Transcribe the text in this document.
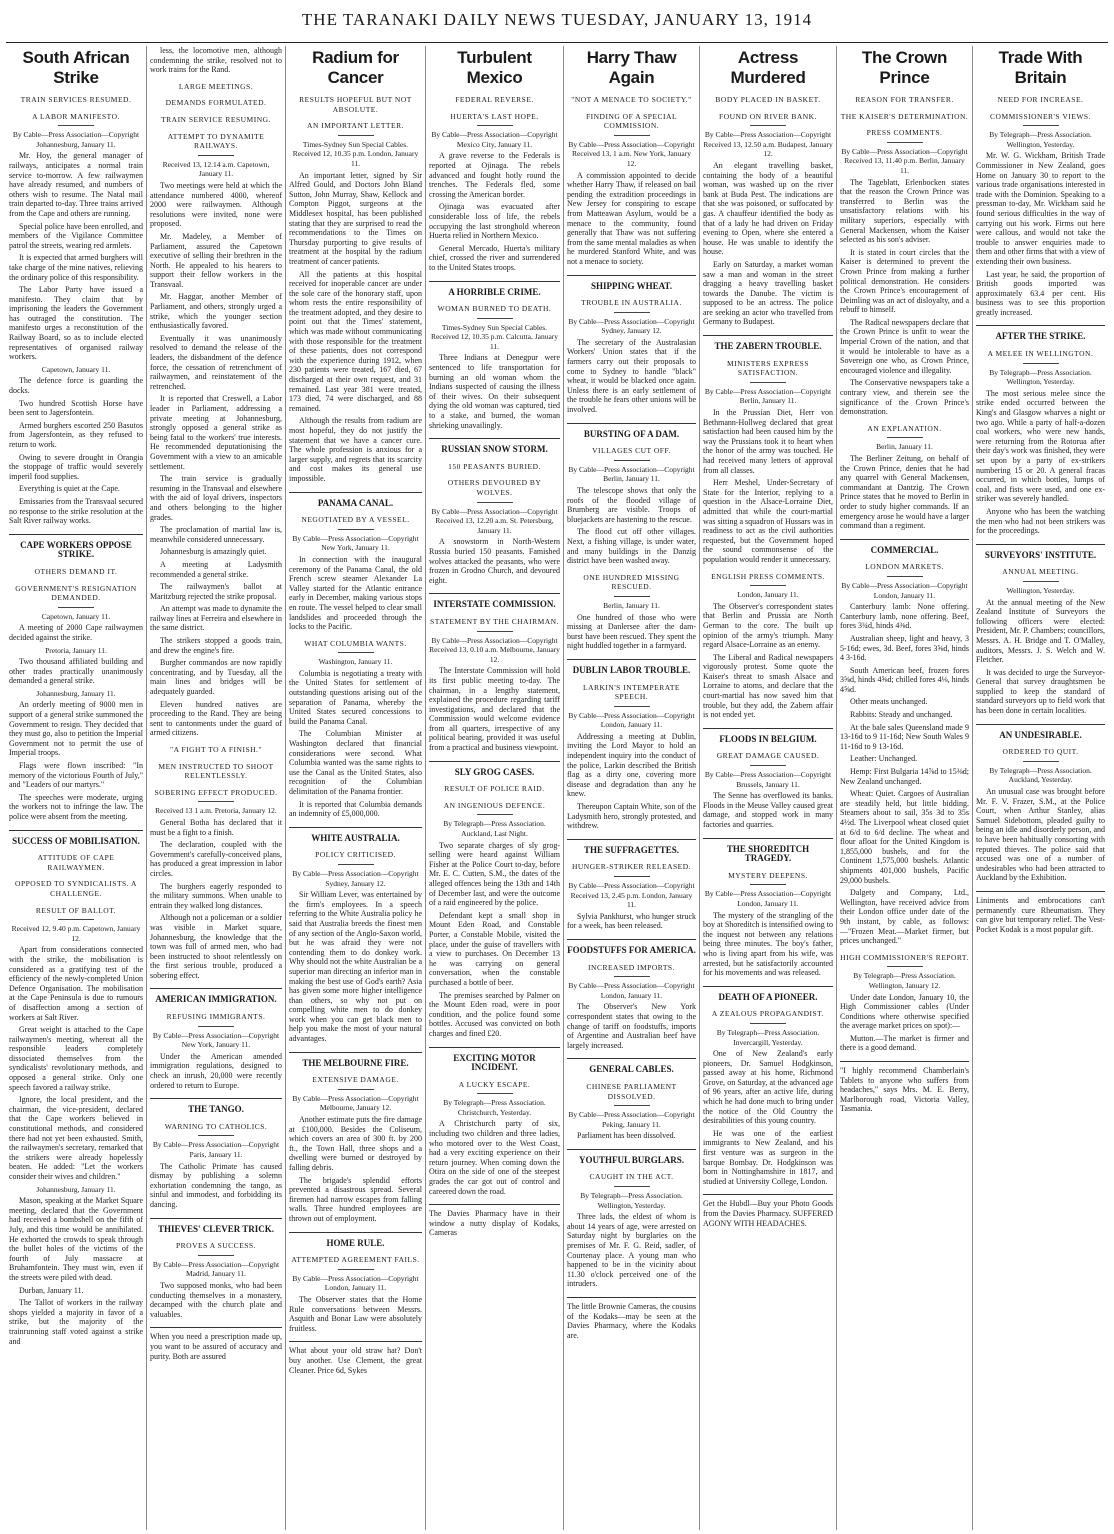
THE TARANAKI DAILY NEWS TUESDAY, JANUARY 13, 1914
South African Strike
TRAIN SERVICES RESUMED.
A LABOR MANIFESTO.
By Cable—Press Association—Copyright Johannesburg, January 11.
Mr. Hoy, the general manager of railways, anticipates a normal train service to-morrow. A few railwaymen have already resumed, and numbers of others wish to resume. The Natal mail train departed to-day. Three trains arrived from the Cape and others are running.
Special police have been enrolled, and members of the Vigilance Committee patrol the streets, wearing red armlets.
It is expected that armed burghers will take charge of the mine natives, relieving the ordinary police of this responsibility.
The Labor Party have issued a manifesto. They claim that by imprisoning the leaders the Government has outraged the constitution. The manifesto urges a reconstitution of the Railway Board, so as to include elected representatives of organised railway workers.
Capetown, January 11.
The defence force is guarding the docks.
Two hundred Scottish Horse have been sent to Jagersfontein.
Armed burghers escorted 250 Basutos from Jagersfontein, as they refused to return to work.
Owing to severe drought in Orangia the stoppage of traffic would severely imperil food supplies.
Everything is quiet at the Cape.
Emissaries from the Transvaal secured no response to the strike resolution at the Salt River railway works.
CAPE WORKERS OPPOSE STRIKE.
OTHERS DEMAND IT.
GOVERNMENT'S RESIGNATION DEMANDED.
Capetown, January 11.
A meeting of 2000 Cape railwaymen decided against the strike.
Pretoria, January 11.
Two thousand affiliated building and other trades practically unanimously demanded a general strike.
Johannesburg, January 11.
An orderly meeting of 9000 men in support of a general strike summoned the Government to resign. They decided that they must go, also to petition the Imperial Government not to permit the use of Imperial troops.
Flags were flown inscribed: "In memory of the victorious Fourth of July," and "Leaders of our martyrs."
The speeches were moderate, urging the workers not to infringe the law. The police were absent from the meeting.
SUCCESS OF MOBILISATION.
ATTITUDE OF CAPE RAILWAYMEN.
OPPOSED TO SYNDICALISTS. A CHALLENGE.
RESULT OF BALLOT.
Received 12, 9.40 p.m. Capetown, January 12.
Apart from considerations connected with the strike, the mobilisation is considered as a gratifying test of the efficiency of the newly-completed Union Defence Organisation. The mobilisation at the Cape Peninsula is due to rumours of disaffection among a section of workers at Salt River.
Great weight is attached to the Cape railwaymen's meeting, whereat all the responsible leaders completely dissociated themselves from the syndicalists' revolutionary methods, and opposed a general strike. Only one speech favored a railway strike.
Ignore, the local president, and the chairman, the vice-president, declared that the Cape workers believed in constitutional methods, and considered there had not yet been exhausted. Smith, the railwaymen's secretary, remarked that the strikers were already hopelessly beaten. He added: "Let the workers consider their wives and children."
Johannesburg, January 11.
Mason, speaking at the Market Square meeting, declared that the Government had received a bombshell on the fifth of July, and this time would be annihilated. He exhorted the crowds to speak through the bullet holes of the victims of the fourth of July massacre at Bruhamfontein. They must win, even if the streets were piled with dead.
Durban, January 11.
The Tallot of workers in the railway shops yielded a majority in favor of a strike, but the majority of the trainrunning staff voted against a strike and
less, the locomotive men, although condemning the strike, resolved not to work trains for the Rand.
LARGE MEETINGS.
DEMANDS FORMULATED.
TRAIN SERVICE RESUMING.
ATTEMPT TO DYNAMITE RAILWAYS.
Received 13, 12.14 a.m. Capetown, January 11.
Two meetings were held at which the attendance numbered 4000, whereof 2000 were railwaymen. Although resolutions were invited, none were proposed.
Mr. Madeley, a Member of Parliament, assured the Capetown executive of selling their brethren in the North. He appealed to his hearers to support their fellow workers in the Transvaal.
Mr. Haggar, another Member of Parliament, and others, strongly urged a strike, which the younger section enthusiastically favored.
Eventually it was unanimously resolved to demand the release of the leaders, the disbandment of the defence force, the cessation of retrenchment of railwaymen, and reinstatement of the retrenched.
It is reported that Creswell, a Labor leader in Parliament, addressing a private meeting at Johannesburg, strongly opposed a general strike as being fatal to the workers' true interests. He recommended deputationising the Government with a view to an amicable settlement.
The train service is gradually resuming in the Transvaal and elsewhere with the aid of loyal drivers, inspectors and others belonging to the higher grades.
The proclamation of martial law is, meanwhile considered unnecessary.
Johannesburg is amazingly quiet.
A meeting at Ladysmith recommended a general strike.
The railwaymen's ballot at Maritzburg rejected the strike proposal.
An attempt was made to dynamite the railway lines at Ferreira and elsewhere in the same district.
The strikers stopped a goods train, and drew the engine's fire.
Burgher commandos are now rapidly concentrating, and by Tuesday, all the main lines and bridges will be adequately guarded.
Eleven hundred natives are proceeding to the Rand. They are being sent to cantonments under the guard of armed citizens.
"A FIGHT TO A FINISH."
MEN INSTRUCTED TO SHOOT RELENTLESSLY.
SOBERING EFFECT PRODUCED.
Received 13 1 a.m. Pretoria, January 12.
General Botha has declared that it must be a fight to a finish.
The declaration, coupled with the Government's carefully-conceived plans, has produced a great impression in labor circles.
The burghers eagerly responded to the military summons. When unable to entrain they walked long distances.
Although not a policeman or a soldier was visible in Market square, Johannesburg, the knowledge that the town was full of armed men, who had been instructed to shoot relentlessly on the first serious trouble, produced a sobering effect.
AMERICAN IMMIGRATION.
REFUSING IMMIGRANTS.
By Cable—Press Association—Copyright New York, January 11.
Under the American amended immigration regulations, designed to check an inrush, 20,000 were recently ordered to return to Europe.
THE TANGO.
WARNING TO CATHOLICS.
By Cable—Press Association—Copyright Paris, January 11.
The Catholic Primate has caused dismay by publishing a solemn exhortation condemning the tango, as sinful and immodest, and forbidding its dancing.
THIEVES' CLEVER TRICK.
PROVES A SUCCESS.
By Cable—Press Association—Copyright Madrid, January 11.
Two supposed monks, who had been conducting themselves in a monastery, decamped with the church plate and valuables.
When you need a prescription made up, you want to be assured of accuracy and purity. Both are assured
Radium for Cancer
RESULTS HOPEFUL BUT NOT ABSOLUTE.
AN IMPORTANT LETTER.
Times-Sydney Sun Special Cables. Received 12, 10.35 p.m. London, January 11.
An important letter, signed by Sir Alfred Gould, and Doctors John Bland Sutton, John Murray, Shaw, Kellock and Compton Piggot, surgeons at the Middlesex hospital, has been published stating that they are surprised to read the recommendations to the Times on Thursday purporting to give results of treatment at the hospital by the radium treatment of cancer patients.
All the patients at this hospital received for inoperable cancer are under the sole care of the honorary staff, upon whom rests the entire responsibility of the treatment adopted, and they desire to point out that the Times' statement, which was made without communicating with those responsible for the treatment of these patients, does not correspond with the experience during 1912, when 230 patients were treated, 167 died, 67 discharged at their own request, and 31 remained. Last year 381 were treated, 173 died, 74 were discharged, and 88 remained.
Although the results from radium are most hopeful, they do not justify the statement that we have a cancer cure. The whole profession is anxious for a larger supply, and regrets that its scarcity and cost makes its general use impossible.
PANAMA CANAL.
NEGOTIATED BY A VESSEL.
By Cable—Press Association—Copyright New York, January 11.
In connection with the inaugural ceremony of the Panama Canal, the old French screw steamer Alexander La Valley started for the Atlantic entrance early in December, making various stops en route. The vessel helped to clear small landslides and proceeded through the locks to the Pacific.
WHAT COLUMBIA WANTS.
Washington, January 11.
Columbia is negotiating a treaty with the United States for settlement of outstanding questions arising out of the separation of Panama, whereby the United States secured concessions to build the Panama Canal.
The Columbian Minister at Washington declared that financial considerations were second. What Columbia wanted was the same rights to use the Canal as the United States, also recognition of the Columbian delimitation of the Panama frontier.
It is reported that Columbia demands an indemnity of £5,000,000.
WHITE AUSTRALIA.
POLICY CRITICISED.
By Cable—Press Association—Copyright Sydney, January 12.
Sir William Lever, was entertained by the firm's employees. In a speech referring to the White Australia policy he said that Australia breeds the finest men of any section of the Anglo-Saxon world, but he was afraid they were not contending them to do donkey work. Why should not the white Australian be a superior man directing an inferior man in making the best use of God's earth? Asia has given some more higher intelligence than others, so why not put on compelling white men to do donkey work when you can get black men to help you make the most of your natural advantages.
THE MELBOURNE FIRE.
EXTENSIVE DAMAGE.
By Cable—Press Association—Copyright Melbourne, January 12.
Another estimate puts the fire damage at £100,000. Besides the Coliseum, which covers an area of 300 ft. by 200 ft., the Town Hall, three shops and a dwelling were burned or destroyed by falling debris.
The brigade's splendid efforts prevented a disastrous spread. Several firemen had narrow escapes from falling walls. Three hundred employees are thrown out of employment.
HOME RULE.
ATTEMPTED AGREEMENT FAILS.
By Cable—Press Association—Copyright London, January 11.
The Observer states that the Home Rule conversations between Messrs. Asquith and Bonar Law were absolutely fruitless.
What about your old straw hat? Don't buy another. Use Clement, the great Cleaner. Price 6d, Sykes
Turbulent Mexico
FEDERAL REVERSE.
HUERTA'S LAST HOPE.
By Cable—Press Association—Copyright Mexico City, January 11.
A grave reverse to the Federals is reported at Ojinaga. The rebels advanced and fought hotly round the trenches. The Federals fled, some crossing the American border.
Ojinaga was evacuated after considerable loss of life, the rebels occupying the last stronghold whereon Huerta relied in Northern Mexico.
General Mercado, Huerta's military chief, crossed the river and surrendered to the United States troops.
A HORRIBLE CRIME.
WOMAN BURNED TO DEATH.
Times-Sydney Sun Special Cables. Received 12, 10.35 p.m. Calcutta, January 11.
Three Indians at Denegpur were sentenced to life transportation for burning an old woman whom the Indians suspected of causing the illness of their wives. On their subsequent dying the old woman was captured, tied to a stake, and burned, the woman shrieking unavailingly.
RUSSIAN SNOW STORM.
150 PEASANTS BURIED.
OTHERS DEVOURED BY WOLVES.
By Cable—Press Association—Copyright Received 13, 12.20 a.m. St. Petersburg, January 11.
A snowstorm in North-Western Russia buried 150 peasants. Famished wolves attacked the peasants, who were frozen in Grodno Church, and devoured eight.
INTERSTATE COMMISSION.
STATEMENT BY THE CHAIRMAN.
By Cable—Press Association—Copyright Received 13, 0.10 a.m. Melbourne, January 12.
The Interstate Commission will hold its first public meeting to-day. The chairman, in a lengthy statement, explained the procedure regarding tariff investigations, and declared that the Commission would welcome evidence from all quarters, irrespective of any political bearing, provided it was useful from a practical and business viewpoint.
SLY GROG CASES.
RESULT OF POLICE RAID.
AN INGENIOUS DEFENCE.
By Telegraph—Press Association. Auckland, Last Night.
Two separate charges of sly grog-selling were heard against William Fisher at the Police Court to-day, before Mr. E. C. Cutten, S.M., the dates of the alleged offences being the 13th and 14th of December last, and were the outcome of a raid engineered by the police.
Defendant kept a small shop in Mount Eden Road, and Constable Porter, a Constable Mobile, visited the place, under the guise of travellers with a view to purchases. On December 13 he was carrying on general conversation, when the constable purchased a bottle of beer.
The premises searched by Palmer on the Mount Eden road, were in poor condition, and the police found some bottles. Accused was convicted on both charges and fined £20.
EXCITING MOTOR INCIDENT.
A LUCKY ESCAPE.
By Telegraph—Press Association. Christchurch, Yesterday.
A Christchurch party of six, including two children and three ladies, who motored over to the West Coast, had a very exciting experience on their return journey. When coming down the Otira on the side of one of the steepest grades the car got out of control and careered down the road.
The Davies Pharmacy have in their window a nutty display of Kodaks, Cameras
Harry Thaw Again
"NOT A MENACE TO SOCIETY."
FINDING OF A SPECIAL COMMISSION.
By Cable—Press Association—Copyright Received 13, 1 a.m. New York, January 12.
A commission appointed to decide whether Harry Thaw, if released on bail pending the extradition proceedings in New Jersey for conspiring to escape from Matteawan Asylum, would be a menace to the community, found generally that Thaw was not suffering from the same mental maladies as when he murdered Stanford White, and was not a menace to society.
SHIPPING WHEAT.
TROUBLE IN AUSTRALIA.
By Cable—Press Association—Copyright Sydney, January 12.
The secretary of the Australasian Workers' Union states that if the farmers carry out their proposals to come to Sydney to handle "black" wheat, it would be blacked once again. Unless there is an early settlement of the trouble he fears other unions will be involved.
BURSTING OF A DAM.
VILLAGES CUT OFF.
By Cable—Press Association—Copyright Berlin, January 11.
The telescope shows that only the roofs of the flooded village of Brumberg are visible. Troops of bluejackets are hastening to the rescue.
The flood cut off other villages. Next, a fishing village, is under water, and many buildings in the Danzig district have been washed away.
ONE HUNDRED MISSING RESCUED.
Berlin, January 11.
One hundred of those who were missing at Danlersee after the dam-burst have been rescued. They spent the night huddled together in a farmyard.
DUBLIN LABOR TROUBLE.
LARKIN'S INTEMPERATE SPEECH.
By Cable—Press Association—Copyright London, January 11.
Addressing a meeting at Dublin, inviting the Lord Mayor to hold an independent inquiry into the conduct of the police, Larkin described the British flag as a dirty one, covering more disease and degradation than any he knew.
Thereupon Captain White, son of the Ladysmith hero, strongly protested, and withdrew.
THE SUFFRAGETTES.
HUNGER-STRIKER RELEASED.
By Cable—Press Association—Copyright Received 13, 2.45 p.m. London, January 11.
Sylvia Pankhurst, who hunger struck for a week, has been released.
FOODSTUFFS FOR AMERICA.
INCREASED IMPORTS.
By Cable—Press Association—Copyright London, January 11.
The Observer's New York correspondent states that owing to the change of tariff on foodstuffs, imports of Argentine and Australian beef have largely increased.
GENERAL CABLES.
CHINESE PARLIAMENT DISSOLVED.
By Cable—Press Association—Copyright Peking, January 11.
Parliament has been dissolved.
YOUTHFUL BURGLARS.
CAUGHT IN THE ACT.
By Telegraph—Press Association. Wellington, Yesterday.
Three lads, the eldest of whom is about 14 years of age, were arrested on Saturday night by burglaries on the premises of Mr. F. G. Reid, sadler, of Courtenay place. A young man who happened to be in the vicinity about 11.30 o'clock perceived one of the intruders.
The little Brownie Cameras, the cousins of the Kodaks—may be seen at the Davies Pharmacy, where the Kodaks are.
Actress Murdered
BODY PLACED IN BASKET.
FOUND ON RIVER BANK.
By Cable—Press Association—Copyright Received 13, 12.50 a.m. Budapest, January 12.
An elegant travelling basket, containing the body of a beautiful woman, was washed up on the river bank at Buda Pest. The indications are that she was poisoned, or suffocated by gas. A chauffeur identified the body as that of a lady he had driven on Friday evening to Open, where she entered a house. He was unable to identify the house.
Early on Saturday, a market woman saw a man and woman in the street dragging a heavy travelling basket towards the Danube. The victim is supposed to be an actress. The police are seeking an actor who travelled from Germany to Budapest.
THE ZABERN TROUBLE.
MINISTERS EXPRESS SATISFACTION.
By Cable—Press Association—Copyright Berlin, January 11.
In the Prussian Diet, Herr von Bethmann-Hollweg declared that great satisfaction had been caused him by the way the Prussians took it to heart when the honor of the army was touched. He had received many letters of approval from all classes.
Herr Meshel, Under-Secretary of State for the Interior, replying to a question in the Alsace-Lorraine Diet, admitted that while the court-martial was sitting a squadron of Hussars was in readiness to act as the civil authorities requested, but the Government hoped the sound commonsense of the population would render it unnecessary.
ENGLISH PRESS COMMENTS.
London, January 11.
The Observer's correspondent states that Berlin and Prussia are North German to the core. The built up opinion of the army's triumph. Many regard Alsace-Lorraine as an enemy.
The Liberal and Radical newspapers vigorously protest. Some quote the Kaiser's threat to smash Alsace and Lorraine to atoms, and declare that the court-martial has now saved him that trouble, but they add, the Zabern affair is not ended yet.
FLOODS IN BELGIUM.
GREAT DAMAGE CAUSED.
By Cable—Press Association—Copyright Brussels, January 11.
The Senne has overflowed its banks. Floods in the Meuse Valley caused great damage, and stopped work in many factories and quarries.
THE SHOREDITCH TRAGEDY.
MYSTERY DEEPENS.
By Cable—Press Association—Copyright London, January 11.
The mystery of the strangling of the boy at Shoreditch is intensified owing to the inquest not between any relations being three minutes. The boy's father, who is living apart from his wife, was arrested, but he satisfactorily accounted for his movements and was released.
DEATH OF A PIONEER.
A ZEALOUS PROPAGANDIST.
By Telegraph—Press Association. Invercargill, Yesterday.
One of New Zealand's early pioneers, Dr. Samuel Hodgkinson, passed away at his home, Richmond Grove, on Saturday, at the advanced age of 96 years, after an active life, during which he had done much to bring under the notice of the Old Country the desirabilities of this young country.
He was one of the earliest immigrants to New Zealand, and his first venture was as surgeon in the barque Bombay. Dr. Hodgkinson was born in Nottinghamshire in 1817, and studied at University College, London.
Get the Hubdl—Buy your Photo Goods from the Davies Pharmacy. SUFFERED AGONY WITH HEADACHES.
The Crown Prince
REASON FOR TRANSFER.
THE KAISER'S DETERMINATION.
PRESS COMMENTS.
By Cable—Press Association—Copyright Received 13, 11.40 p.m. Berlin, January 11.
The Tageblatt, Erlenbocken states that the reason the Crown Prince was transferred to Berlin was the unsatisfactory relations with his military superiors, especially with General Mackensen, whom the Kaiser selected as his son's adviser.
It is stated in court circles that the Kaiser is determined to prevent the Crown Prince from making a further political demonstration. He considers the Crown Prince's encouragement of Deimling was an act of disloyalty, and a rebuff to himself.
The Radical newspapers declare that the Crown Prince is unfit to wear the Imperial Crown of the nation, and that it would be intolerable to have as a Sovereign one who, as Crown Prince, encouraged violence and illegality.
The Conservative newspapers take a contrary view, and therein see the significance of the Crown Prince's demonstration.
AN EXPLANATION.
Berlin, January 11.
The Berliner Zeitung, on behalf of the Crown Prince, denies that he had any quarrel with General Mackensen, commandant at Dantzig. The Crown Prince states that he moved to Berlin in order to study higher commands. If an emergency arose he would have a larger command than a regiment.
COMMERCIAL.
LONDON MARKETS.
By Cable—Press Association—Copyright London, January 11.
Canterbury lamb: None offering. Canterbury lamb, none offering. Beef, fores 3¾d, hinds 4⅜d.
Australian sheep, light and heavy, 3 5-16d; ewes, 3d. Beef, fores 3⅝d, hinds 4 3-16d.
South American beef, frozen fores 3⅝d, hinds 4⅝d; chilled fores 4⅛, hinds 4⅝d.
Other meats unchanged.
Rabbits: Steady and unchanged.
At the bale sales Queensland made 9 13-16d to 9 11-16d; New South Wales 9 11-16d to 9 13-16d.
Leather: Unchanged.
Hemp: First Bulgaria 14⅞d to 15⅜d; New Zealand unchanged.
Wheat: Quiet. Cargoes of Australian are steadily held, but little bidding. Steamers about to sail, 35s 3d to 35s 4½d. The Liverpool wheat closed quiet at 6/d to 6/d decline. The wheat and flour afloat for the United Kingdom is 1,855,000 bushels, and for the Continent 1,575,000 bushels. Atlantic shipments 401,000 bushels, Pacific 29,000 bushels.
Dalgety and Company, Ltd., Wellington, have received advice from their London office under date of the 9th instant, by cable, as follows:—"Frozen Meat.—Market firmer, but prices unchanged."
HIGH COMMISSIONER'S REPORT.
By Telegraph—Press Association. Wellington, January 12.
Under date London, January 10, the High Commissioner cables (Under Conditions where otherwise specified the average market prices on spot):—
Mutton.—The market is firmer and there is a good demand.
"I highly recommend Chamberlain's Tablets to anyone who suffers from headaches," says Mrs. M. E. Berry, Marlborough road, Victoria Valley, Tasmania.
Trade With Britain
NEED FOR INCREASE.
COMMISSIONER'S VIEWS.
By Telegraph—Press Association. Wellington, Yesterday.
Mr. W. G. Wickham, British Trade Commissioner in New Zealand, goes Home on January 30 to report to the various trade organisations interested in trade with the Dominion. Speaking to a pressman to-day, Mr. Wickham said he found serious difficulties in the way of carrying out his work. Firms out here were callous, and would not take the trouble to answer enquiries made to them and other firms that with a view of extending their own business.
Last year, he said, the proportion of British goods imported was approximately 63.4 per cent. His business was to see this proportion greatly increased.
AFTER THE STRIKE.
A MELEE IN WELLINGTON.
By Telegraph—Press Association. Wellington, Yesterday.
The most serious melee since the strike ended occurred between the King's and Glasgow wharves a night or two ago. While a party of half-a-dozen coal workers, who were new hands, were returning from the Rotorua after their day's work was finished, they were set upon by a party of ex-strikers numbering 15 or 20. A general fracas occurred, in which bottles, lumps of coal, and fists were used, and one ex-striker was severely handled.
Anyone who has been the watching the men who had not been strikers was for the proceedings.
SURVEYORS' INSTITUTE.
ANNUAL MEETING.
Wellington, Yesterday.
At the annual meeting of the New Zealand Institute of Surveyors the following officers were elected: President, Mr. P. Chambers; councillors, Messrs. A. H. Bridge and T. O'Malley, auditors, Messrs. J. S. Welch and W. Fletcher.
It was decided to urge the Surveyor-General that survey draughtsmen be supplied to keep the standard of standard surveyors up to field work that has been done in certain localities.
AN UNDESIRABLE.
ORDERED TO QUIT.
By Telegraph—Press Association. Auckland, Yesterday.
An unusual case was brought before Mr. F. V. Frazer, S.M., at the Police Court, when Arthur Stanley, alias Samuel Sidebottom, pleaded guilty to being an idle and disorderly person, and to have been habitually consorting with reputed thieves. The police said that accused was one of a number of undesirables who had been attracted to Auckland by the Exhibition.
Liniments and embrocations can't permanently cure Rheumatism. They can give but temporary relief. The Vest-Pocket Kodak is a most popular gift.
